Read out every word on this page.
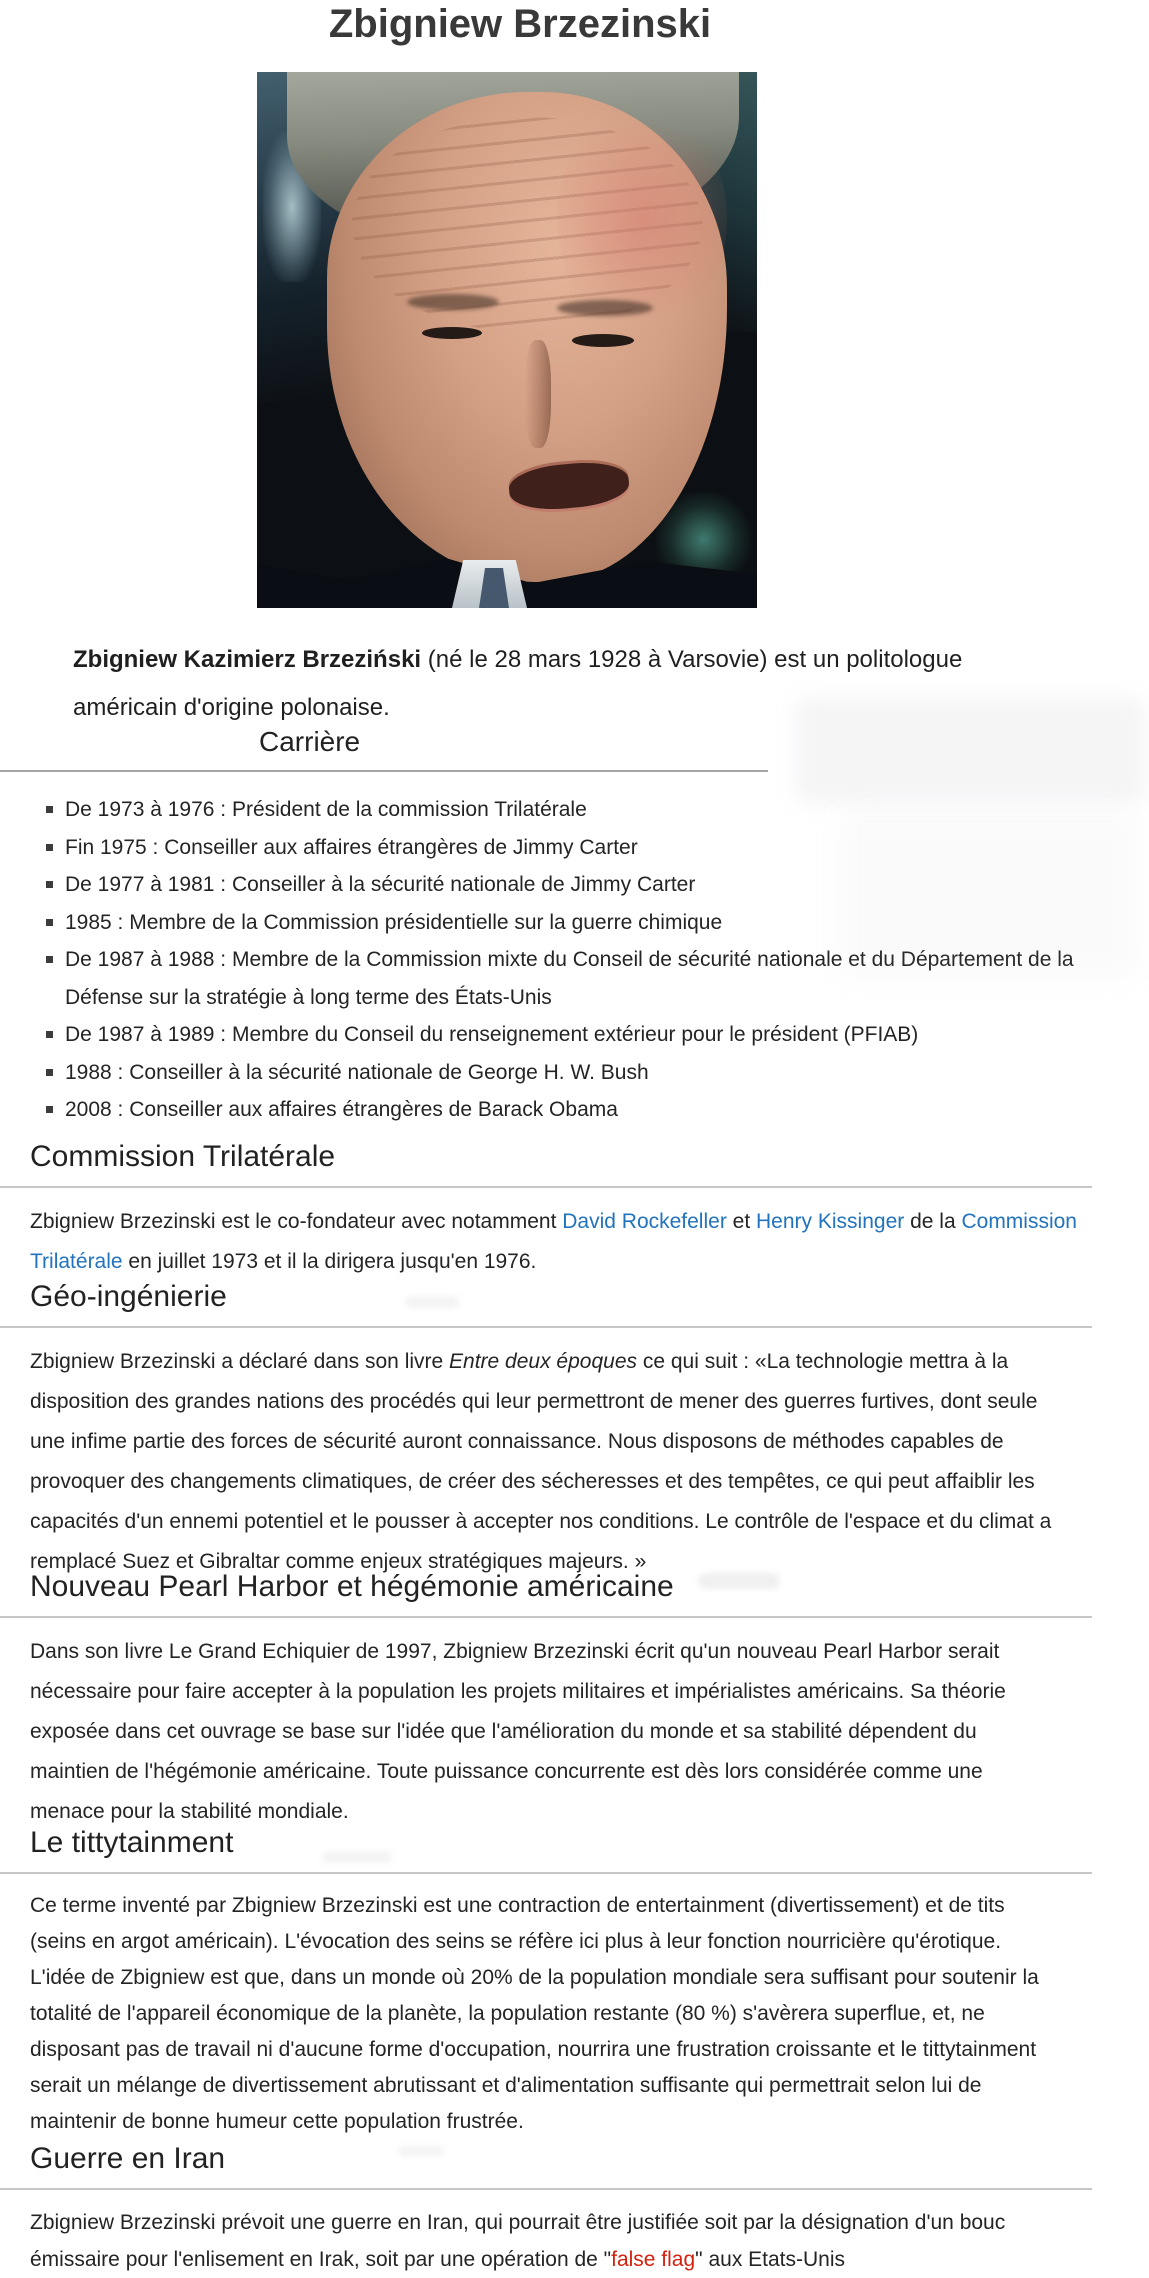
Zbigniew Brzezinski

Zbigniew Kazimierz Brzeziński (né le 28 mars 1928 à Varsovie) est un politologue américain d'origine polonaise.

Carrière
De 1973 à 1976 : Président de la commission Trilatérale
Fin 1975 : Conseiller aux affaires étrangères de Jimmy Carter
De 1977 à 1981 : Conseiller à la sécurité nationale de Jimmy Carter
1985 : Membre de la Commission présidentielle sur la guerre chimique
De 1987 à 1988 : Membre de la Commission mixte du Conseil de sécurité nationale et du Département de la Défense sur la stratégie à long terme des États-Unis
De 1987 à 1989 : Membre du Conseil du renseignement extérieur pour le président (PFIAB)
1988 : Conseiller à la sécurité nationale de George H. W. Bush
2008 : Conseiller aux affaires étrangères de Barack Obama
Commission Trilatérale

Zbigniew Brzezinski est le co-fondateur avec notamment David Rockefeller et Henry Kissinger de la Commission Trilatérale en juillet 1973 et il la dirigera jusqu'en 1976.

Géo-ingénierie

Zbigniew Brzezinski a déclaré dans son livre Entre deux époques ce qui suit : «La technologie mettra à la disposition des grandes nations des procédés qui leur permettront de mener des guerres furtives, dont seule une infime partie des forces de sécurité auront connaissance. Nous disposons de méthodes capables de provoquer des changements climatiques, de créer des sécheresses et des tempêtes, ce qui peut affaiblir les capacités d'un ennemi potentiel et le pousser à accepter nos conditions. Le contrôle de l'espace et du climat a remplacé Suez et Gibraltar comme enjeux stratégiques majeurs. »

Nouveau Pearl Harbor et hégémonie américaine

Dans son livre Le Grand Echiquier de 1997, Zbigniew Brzezinski écrit qu'un nouveau Pearl Harbor serait nécessaire pour faire accepter à la population les projets militaires et impérialistes américains. Sa théorie exposée dans cet ouvrage se base sur l'idée que l'amélioration du monde et sa stabilité dépendent du maintien de l'hégémonie américaine. Toute puissance concurrente est dès lors considérée comme une menace pour la stabilité mondiale.

Le tittytainment

Ce terme inventé par Zbigniew Brzezinski est une contraction de entertainment (divertissement) et de tits (seins en argot américain). L'évocation des seins se réfère ici plus à leur fonction nourricière qu'érotique. L'idée de Zbigniew est que, dans un monde où 20% de la population mondiale sera suffisant pour soutenir la totalité de l'appareil économique de la planète, la population restante (80 %) s'avèrera superflue, et, ne disposant pas de travail ni d'aucune forme d'occupation, nourrira une frustration croissante et le tittytainment serait un mélange de divertissement abrutissant et d'alimentation suffisante qui permettrait selon lui de maintenir de bonne humeur cette population frustrée.

Guerre en Iran

Zbigniew Brzezinski prévoit une guerre en Iran, qui pourrait être justifiée soit par la désignation d'un bouc émissaire pour l'enlisement en Irak, soit par une opération de "false flag" aux Etats-Unis
